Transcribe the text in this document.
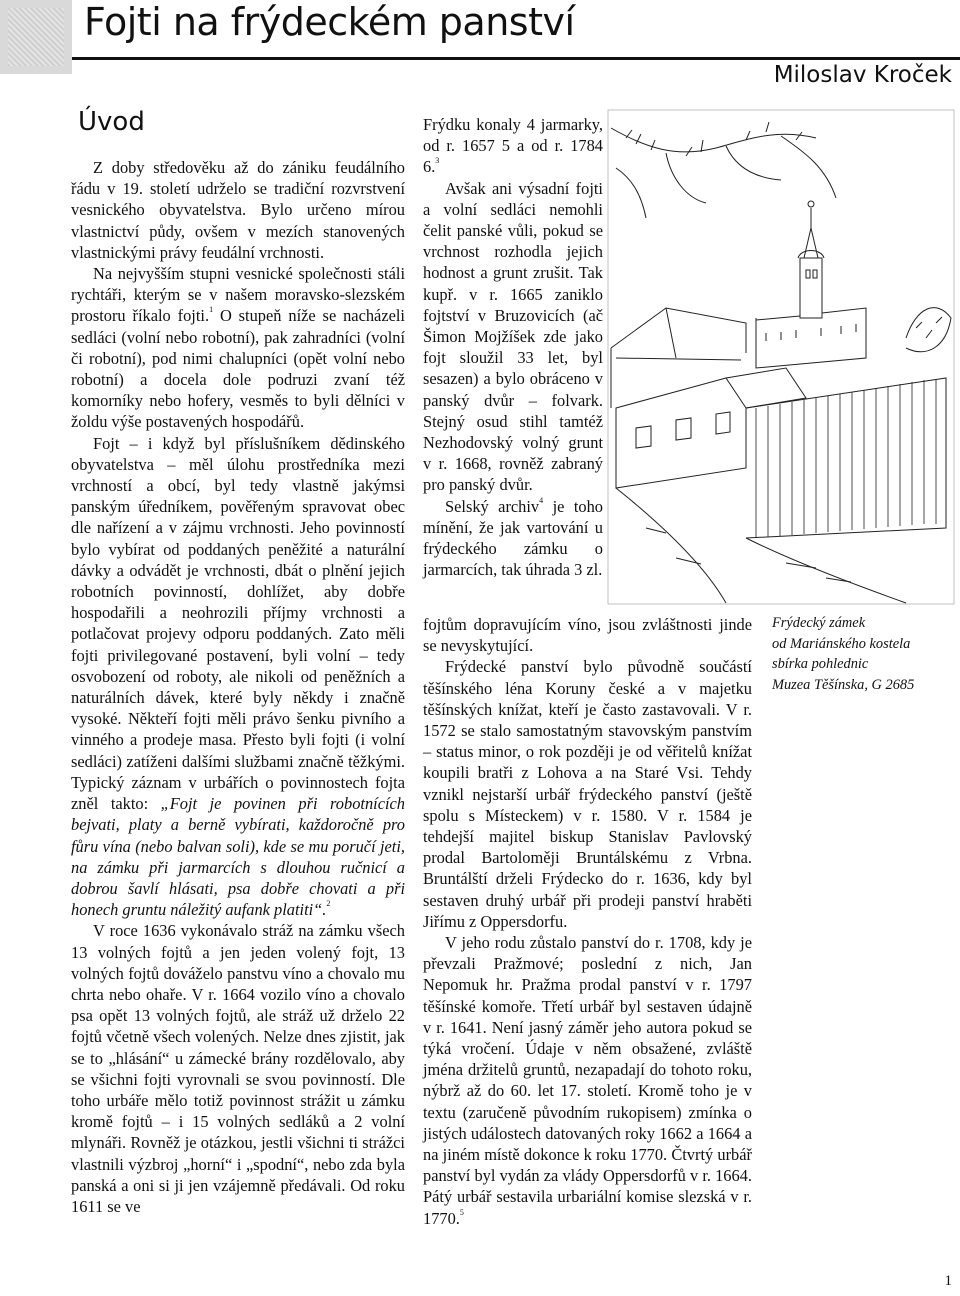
Fojti na frýdeckém panství
Miloslav Kroček
Úvod

Z doby středověku až do zániku feudálního řádu v 19. století udrželo se tradiční rozvrstvení vesnického obyvatelstva. Bylo určeno mírou vlastnictví půdy, ovšem v mezích stanovených vlastnickými právy feudální vrchnosti.

Na nejvyšším stupni vesnické společnosti stáli rychtáři, kterým se v našem moravsko-slezském prostoru říkalo fojti.$^1$ O stupeň níže se nacházeli sedláci (volní nebo robotní), pak zahradníci (volní či robotní), pod nimi chalupníci (opět volní nebo robotní) a docela dole podruzi zvaní též komorníky nebo hofery, vesměs to byli dělníci v žoldu výše postavených hospodářů.

Fojt – i když byl příslušníkem dědinského obyvatelstva – měl úlohu prostředníka mezi vrchností a obcí, byl tedy vlastně jakýmsi panským úředníkem, pověřeným spravovat obec dle nařízení a v zájmu vrchnosti. Jeho povinností bylo vybírat od poddaných peněžité a naturální dávky a odvádět je vrchnosti, dbát o plnění jejich robotních povinností, dohlížet, aby dobře hospodařili a neohrozili příjmy vrchnosti a potlačovat projevy odporu poddaných. Zato měli fojti privilegované postavení, byli volní – tedy osvobození od roboty, ale nikoli od peněžních a naturálních dávek, které byly někdy i značně vysoké. Někteří fojti měli právo šenku pivního a vinného a prodeje masa. Přesto byli fojti (i volní sedláci) zatíženi dalšími službami značně těžkými. Typický záznam v urbářích o povinnostech fojta zněl takto: „Fojt je povinen při robotnících bejvati, platy a berně vybírati, každoročně pro fůru vína (nebo balvan soli), kde se mu poručí jeti, na zámku při jarmarcích s dlouhou ručnicí a dobrou šavlí hlásati, psa dobře chovati a při honech gruntu náležitý aufank platiti“.$^2$

V roce 1636 vykonávalo stráž na zámku všech 13 volných fojtů a jen jeden volený fojt, 13 volných fojtů dováželo panstvu víno a chovalo mu chrta nebo ohaře. V r. 1664 vozilo víno a chovalo psa opět 13 volných fojtů, ale stráž už drželo 22 fojtů včetně všech volených. Nelze dnes zjistit, jak se to „hlásání“ u zámecké brány rozdělovalo, aby se všichni fojti vyrovnali se svou povinností. Dle toho urbáře mělo totiž povinnost strážit u zámku kromě fojtů – i 15 volných sedláků a 2 volní mlynáři. Rovněž je otázkou, jestli všichni ti strážci vlastnili výzbroj „horní“ i „spodní“, nebo zda byla panská a oni si ji jen vzájemně předávali. Od roku 1611 se ve

Frýdku konaly 4 jarmarky, od r. 1657 5 a od r. 1784 6.$^3$

Avšak ani výsadní fojti a volní sedláci nemohli čelit panské vůli, pokud se vrchnost rozhodla jejich hodnost a grunt zrušit. Tak kupř. v r. 1665 zaniklo fojtství v Bruzovicích (ač Šimon Mojžíšek zde jako fojt sloužil 33 let, byl sesazen) a bylo obráceno v panský dvůr – folvark. Stejný osud stihl tamtéž Nezhodovský volný grunt v r. 1668, rovněž zabraný pro panský dvůr.

Selský archiv$^4$ je toho mínění, že jak vartování u frýdeckého zámku o jarmarcích, tak úhrada 3 zl.

fojtům dopravujícím víno, jsou zvláštnosti jinde se nevyskytující.

Frýdecké panství bylo původně součástí těšínského léna Koruny české a v majetku těšínských knížat, kteří je často zastavovali. V r. 1572 se stalo samostatným stavovským panstvím – status minor, o rok později je od věřitelů knížat koupili bratři z Lohova a na Staré Vsi. Tehdy vznikl nejstarší urbář frýdeckého panství (ještě spolu s Místeckem) v r. 1580. V r. 1584 je tehdejší majitel biskup Stanislav Pavlovský prodal Bartoloměji Bruntálskému z Vrbna. Bruntálští drželi Frýdecko do r. 1636, kdy byl sestaven druhý urbář při prodeji panství hraběti Jiřímu z Oppersdorfu.

V jeho rodu zůstalo panství do r. 1708, kdy je převzali Pražmové; poslední z nich, Jan Nepomuk hr. Pražma prodal panství v r. 1797 těšínské komoře. Třetí urbář byl sestaven údajně v r. 1641. Není jasný záměr jeho autora pokud se týká vročení. Údaje v něm obsažené, zvláště jména držitelů gruntů, nezapadají do tohoto roku, nýbrž až do 60. let 17. století. Kromě toho je v textu (zaručeně původním rukopisem) zmínka o jistých událostech datovaných roky 1662 a 1664 a na jiném místě dokonce k roku 1770. Čtvrtý urbář panství byl vydán za vlády Oppersdorfů v r. 1664. Pátý urbář sestavila urbariální komise slezská v r. 1770.$^5$

Frýdecký zámek
od Mariánského kostela
sbírka pohlednic
Muzea Těšínska, G 2685
1
